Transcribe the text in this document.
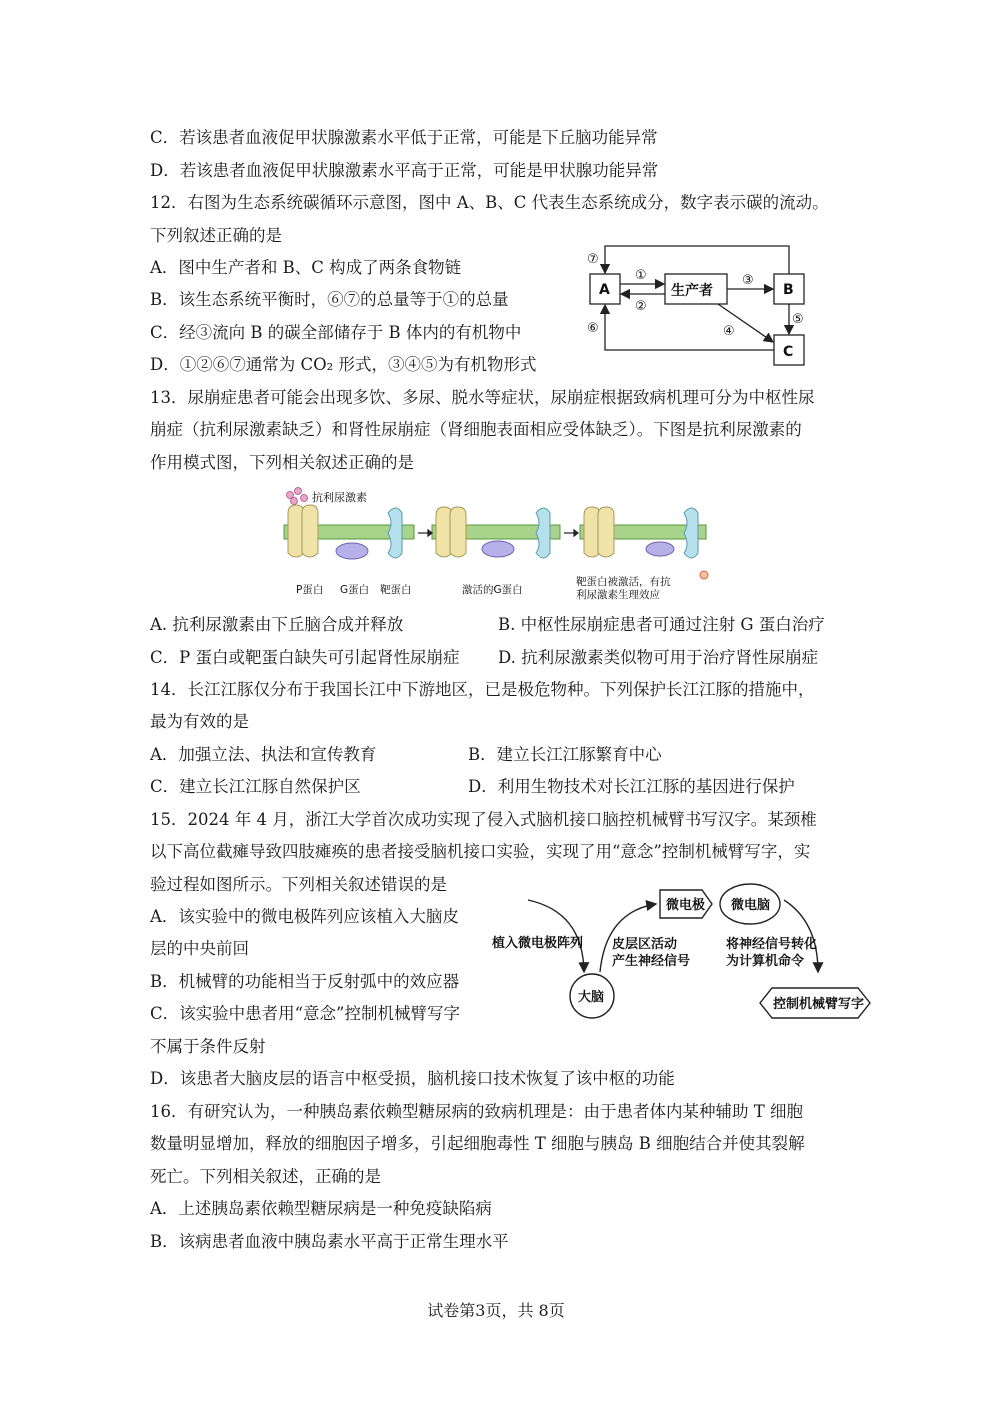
C．若该患者血液促甲状腺激素水平低于正常，可能是下丘脑功能异常
D．若该患者血液促甲状腺激素水平高于正常，可能是甲状腺功能异常
12．右图为生态系统碳循环示意图，图中 A、B、C 代表生态系统成分，数字表示碳的流动。
下列叙述正确的是
A．图中生产者和 B、C 构成了两条食物链
B．该生态系统平衡时，⑥⑦的总量等于①的总量
C．经③流向 B 的碳全部储存于 B 体内的有机物中
D．①②⑥⑦通常为 CO₂ 形式，③④⑤为有机物形式
A	生产者	B
C
①
②
③
④
⑤
⑥
⑦
13．尿崩症患者可能会出现多饮、多尿、脱水等症状，尿崩症根据致病机理可分为中枢性尿
崩症（抗利尿激素缺乏）和肾性尿崩症（肾细胞表面相应受体缺乏）。下图是抗利尿激素的
作用模式图，下列相关叙述正确的是
抗利尿激素
P蛋白 G蛋白 靶蛋白	激活的G蛋白
靶蛋白被激活，有抗
利尿激素生理效应
A. 抗利尿激素由下丘脑合成并释放	B. 中枢性尿崩症患者可通过注射 G 蛋白治疗
C．P 蛋白或靶蛋白缺失可引起肾性尿崩症 D. 抗利尿激素类似物可用于治疗肾性尿崩症
14．长江江豚仅分布于我国长江中下游地区，已是极危物种。下列保护长江江豚的措施中，
最为有效的是
A．加强立法、执法和宣传教育	B．建立长江江豚繁育中心
C．建立长江江豚自然保护区	D．利用生物技术对长江江豚的基因进行保护
15．2024 年 4 月，浙江大学首次成功实现了侵入式脑机接口脑控机械臂书写汉字。某颈椎
以下高位截瘫导致四肢瘫痪的患者接受脑机接口实验，实现了用“意念”控制机械臂写字，实
验过程如图所示。下列相关叙述错误的是
A．该实验中的微电极阵列应该植入大脑皮
层的中央前回
B．机械臂的功能相当于反射弧中的效应器
C．该实验中患者用“意念”控制机械臂写字
不属于条件反射
D．该患者大脑皮层的语言中枢受损，脑机接口技术恢复了该中枢的功能
植入微电极阵列
大脑
皮层区活动
产生神经信号
微电极 微电脑
将神经信号转化
为计算机命令
控制机械臂写字
16．有研究认为，一种胰岛素依赖型糖尿病的致病机理是：由于患者体内某种辅助 T 细胞
数量明显增加，释放的细胞因子增多，引起细胞毒性 T 细胞与胰岛 B 细胞结合并使其裂解
死亡。下列相关叙述，正确的是
A．上述胰岛素依赖型糖尿病是一种免疫缺陷病
B．该病患者血液中胰岛素水平高于正常生理水平
试卷第3页，共 8页
